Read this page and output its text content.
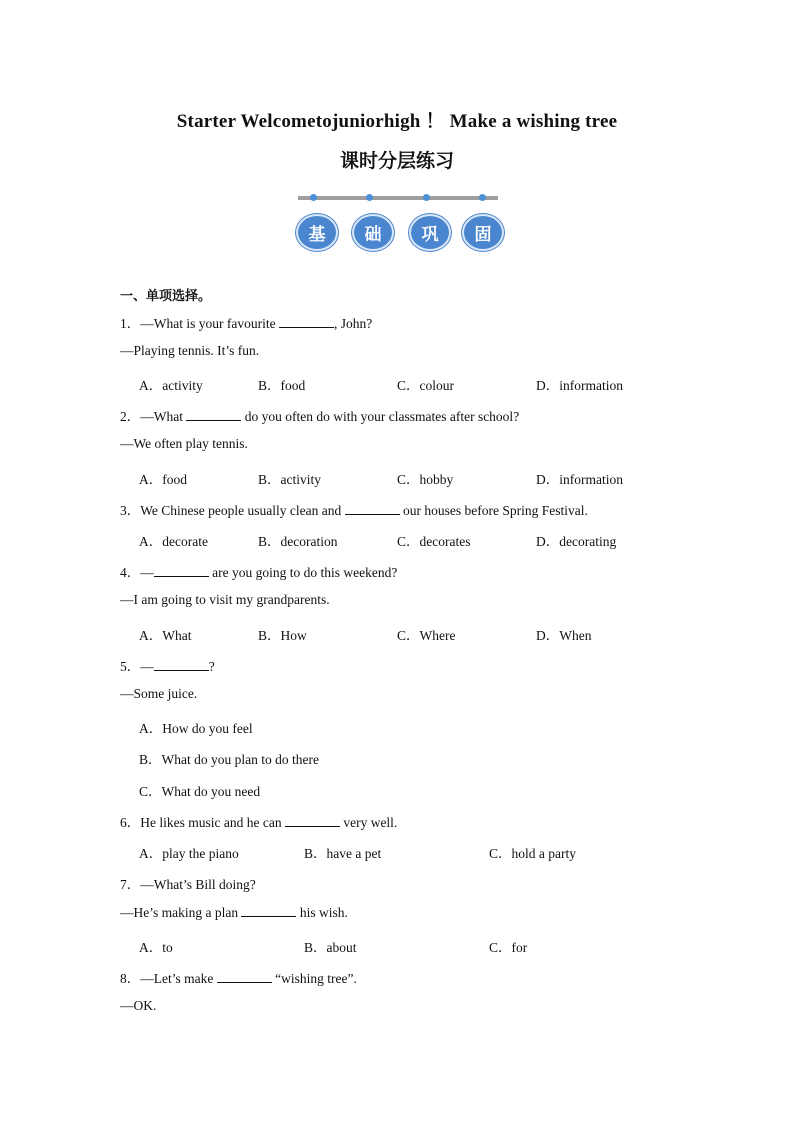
Starter Welcometojuniorhigh ！ Make a wishing tree
课时分层练习
基	础	巩	固
一、单项选择。
1．—What is your favourite	, John?
—Playing tennis. It’s fun.
A．activity	B．food	C．colour	D．information
2．—What	do you often do with your classmates after school?
—We often play tennis.
A．food	B．activity	C．hobby	D．information
3．We Chinese people usually clean and	our houses before Spring Festival.
A．decorate	B．decoration	C．decorates	D．decorating
4．—	are you going to do this weekend?
—I am going to visit my grandparents.
A．What	B．How	C．Where	D．When
5．—	?
—Some juice.
A．How do you feel
B．What do you plan to do there
C．What do you need
6．He likes music and he can	very well.
A．play the piano	B．have a pet	C．hold a party
7．—What’s Bill doing?
—He’s making a plan	his wish.
A．to	B．about	C．for
8．—Let’s make	“wishing tree”.
—OK.
